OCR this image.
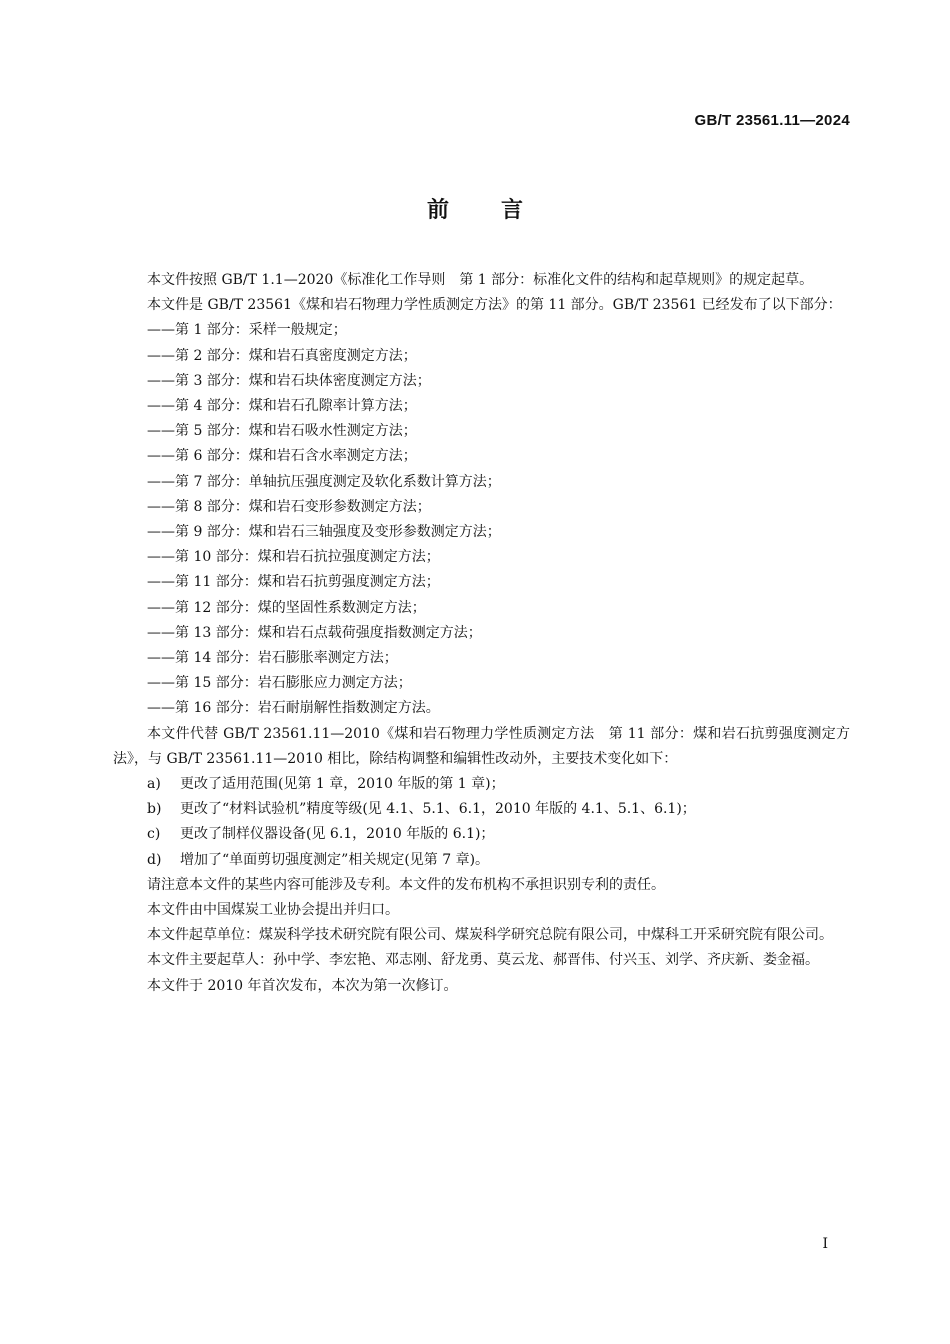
GB/T 23561.11—2024
前言

本文件按照 GB/T 1.1—2020《标准化工作导则　第 1 部分：标准化文件的结构和起草规则》的规定起草。

本文件是 GB/T 23561《煤和岩石物理力学性质测定方法》的第 11 部分。GB/T 23561 已经发布了以下部分：

——第 1 部分：采样一般规定；

——第 2 部分：煤和岩石真密度测定方法；

——第 3 部分：煤和岩石块体密度测定方法；

——第 4 部分：煤和岩石孔隙率计算方法；

——第 5 部分：煤和岩石吸水性测定方法；

——第 6 部分：煤和岩石含水率测定方法；

——第 7 部分：单轴抗压强度测定及软化系数计算方法；

——第 8 部分：煤和岩石变形参数测定方法；

——第 9 部分：煤和岩石三轴强度及变形参数测定方法；

——第 10 部分：煤和岩石抗拉强度测定方法；

——第 11 部分：煤和岩石抗剪强度测定方法；

——第 12 部分：煤的坚固性系数测定方法；

——第 13 部分：煤和岩石点载荷强度指数测定方法；

——第 14 部分：岩石膨胀率测定方法；

——第 15 部分：岩石膨胀应力测定方法；

——第 16 部分：岩石耐崩解性指数测定方法。

本文件代替 GB/T 23561.11—2010《煤和岩石物理力学性质测定方法　第 11 部分：煤和岩石抗剪强度测定方法》，与 GB/T 23561.11—2010 相比，除结构调整和编辑性改动外，主要技术变化如下：

a) 更改了适用范围(见第 1 章，2010 年版的第 1 章)；

b) 更改了“材料试验机”精度等级(见 4.1、5.1、6.1，2010 年版的 4.1、5.1、6.1)；

c) 更改了制样仪器设备(见 6.1，2010 年版的 6.1)；

d) 增加了“单面剪切强度测定”相关规定(见第 7 章)。

请注意本文件的某些内容可能涉及专利。本文件的发布机构不承担识别专利的责任。

本文件由中国煤炭工业协会提出并归口。

本文件起草单位：煤炭科学技术研究院有限公司、煤炭科学研究总院有限公司，中煤科工开采研究院有限公司。

本文件主要起草人：孙中学、李宏艳、邓志刚、舒龙勇、莫云龙、郝晋伟、付兴玉、刘学、齐庆新、娄金福。

本文件于 2010 年首次发布，本次为第一次修订。

I
